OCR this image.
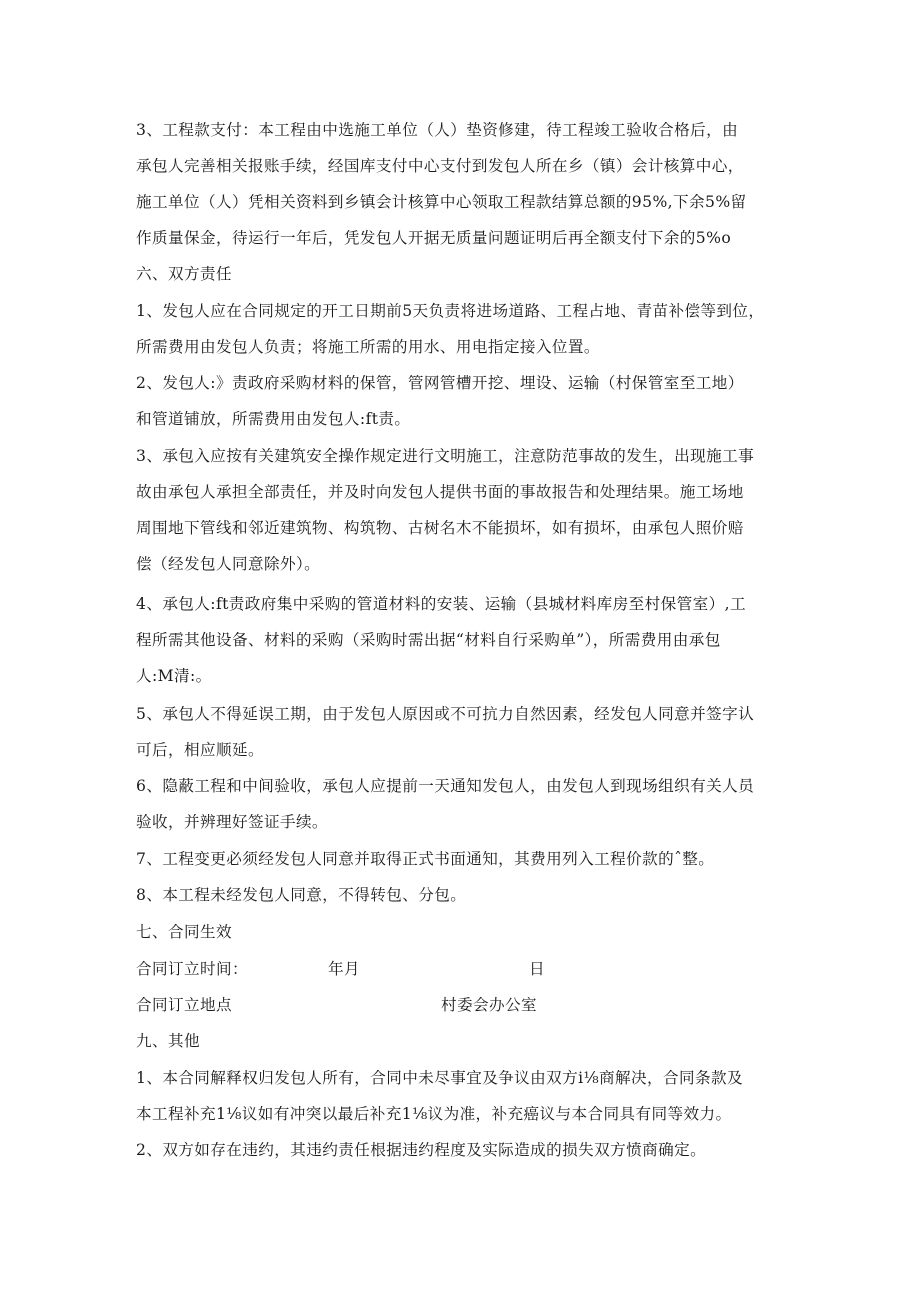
3、工程款支付：本工程由中选施工单位（人）垫资修建，待工程竣工验收合格后，由
承包人完善相关报账手续，经国库支付中心支付到发包人所在乡（镇）会计核算中心，
施工单位（人）凭相关资料到乡镇会计核算中心领取工程款结算总额的95%,下余5%留
作质量保金，待运行一年后，凭发包人开据无质量问题证明后再全额支付下余的5%o
六、双方责任
1、发包人应在合同规定的开工日期前5天负责将进场道路、工程占地、青苗补偿等到位，
所需费用由发包人负责；将施工所需的用水、用电指定接入位置。
2、发包人:》责政府采购材料的保管，管网管槽开挖、埋设、运输（村保管室至工地）
和管道铺放，所需费用由发包人:ft责。
3、承包入应按有关建筑安全操作规定进行文明施工，注意防范事故的发生，出现施工事
故由承包人承担全部责任，并及时向发包人提供书面的事故报告和处理结果。施工场地
周围地下管线和邻近建筑物、构筑物、古树名木不能损坏，如有损坏，由承包人照价赔
偿（经发包人同意除外）。
4、承包人:ft责政府集中采购的管道材料的安装、运输（县城材料库房至村保管室）,工
程所需其他设备、材料的采购（采购时需出据“材料自行采购单”），所需费用由承包
人:M清:。
5、承包人不得延误工期，由于发包人原因或不可抗力自然因素，经发包人同意并签字认
可后，相应顺延。
6、隐蔽工程和中间验收，承包人应提前一天通知发包人，由发包人到现场组织有关人员
验收，并辨理好签证手续。
7、工程变更必须经发包人同意并取得正式书面通知，其费用列入工程价款的ˆ整。
8、本工程未经发包人同意，不得转包、分包。
七、合同生效
合同订立时间：	年月	日
合同订立地点	村委会办公室
九、其他
1、本合同解释权归发包人所有，合同中未尽事宜及争议由双方i⅛商解决，合同条款及
本工程补充1⅛议如有冲突以最后补充1⅛议为准，补充癌议与本合同具有同等效力。
2、双方如存在违约，其违约责任根据违约程度及实际造成的损失双方愤商确定。
